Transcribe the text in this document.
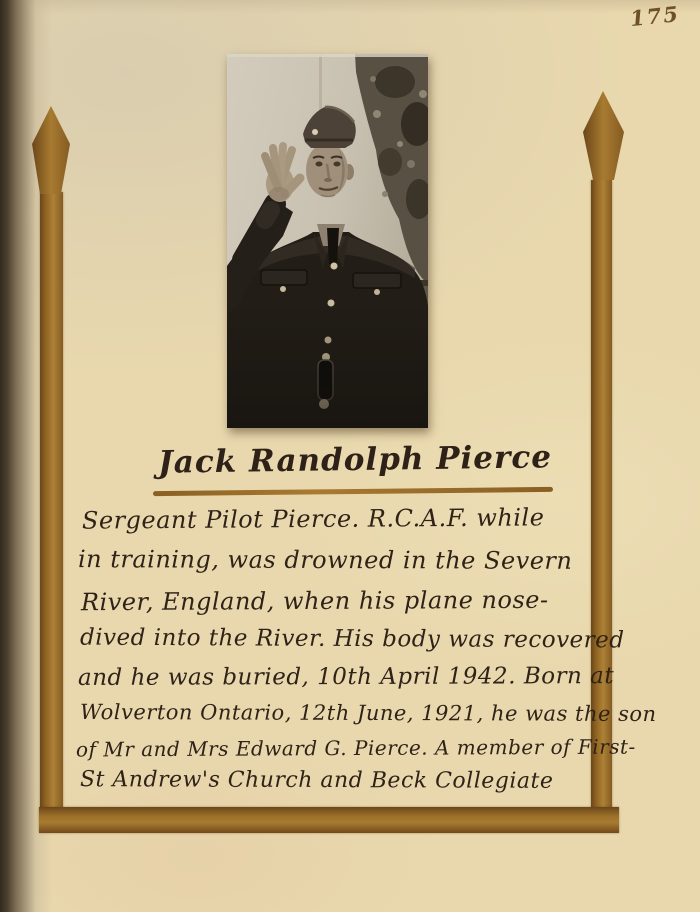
175
Jack Randolph Pierce
Sergeant Pilot Pierce. R.C.A.F. while
in training, was drowned in the Severn
River, England, when his plane nose-
dived into the River. His body was recovered
and he was buried, 10th April 1942. Born at
Wolverton Ontario, 12th June, 1921, he was the son
of Mr and Mrs Edward G. Pierce. A member of First-
St Andrew's Church and Beck Collegiate
